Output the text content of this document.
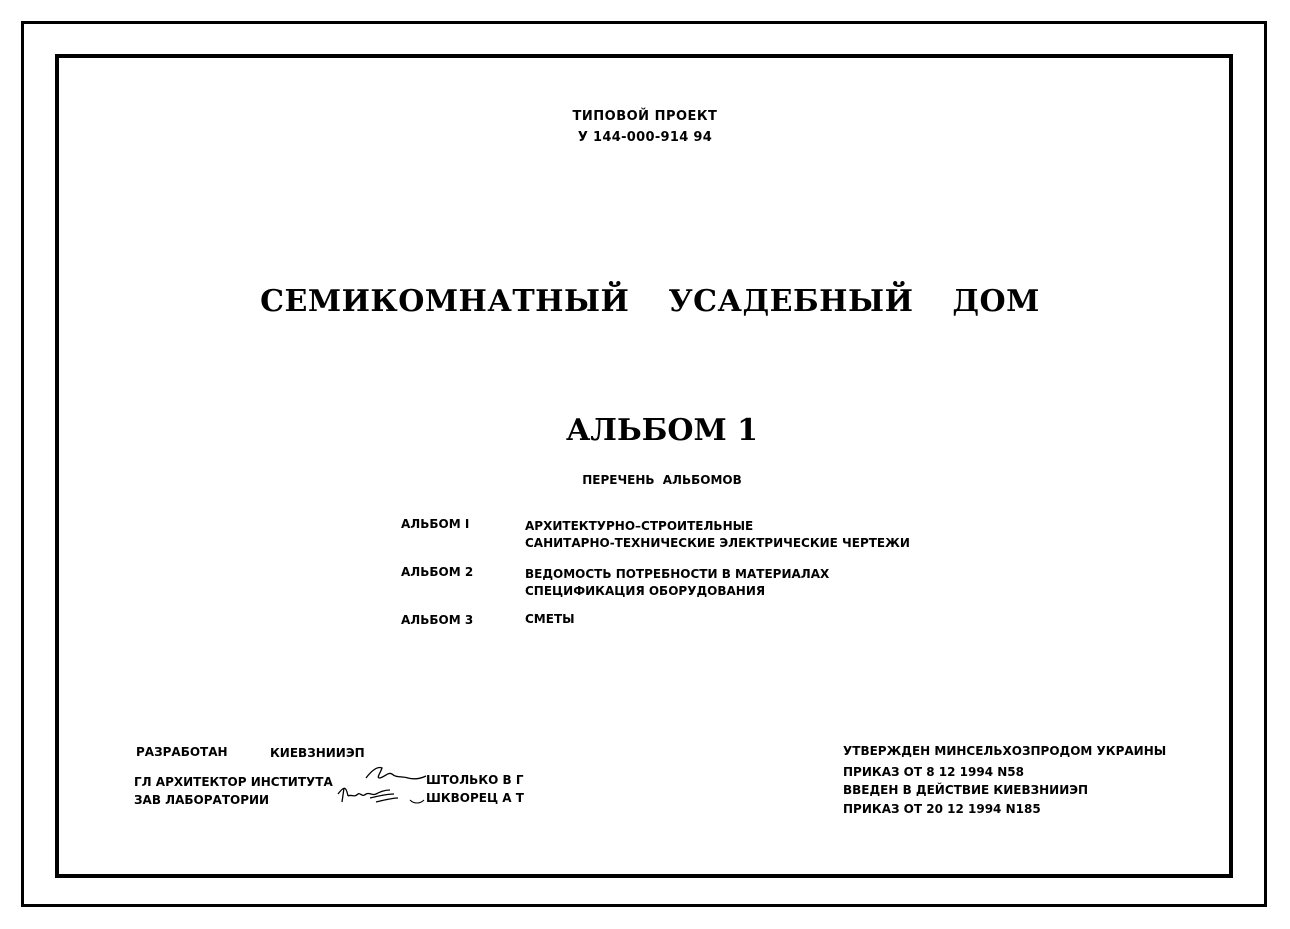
ТИПОВОЙ ПРОЕКТ
У 144-000-914 94
СЕМИКОМНАТНЫЙ УСАДЕБНЫЙ ДОМ
АЛЬБОМ 1
ПЕРЕЧЕНЬ АЛЬБОМОВ
АЛЬБОМ I	АРХИТЕКТУРНО–СТРОИТЕЛЬНЫЕ
САНИТАРНО-ТЕХНИЧЕСКИЕ ЭЛЕКТРИЧЕСКИЕ ЧЕРТЕЖИ
АЛЬБОМ 2	ВЕДОМОСТЬ ПОТРЕБНОСТИ В МАТЕРИАЛАХ
СПЕЦИФИКАЦИЯ ОБОРУДОВАНИЯ
АЛЬБОМ 3	СМЕТЫ
РАЗРАБОТАН	КИЕВЗНИИЭП
ГЛ АРХИТЕКТОР ИНСТИТУТА
ЗАВ ЛАБОРАТОРИИ
ШТОЛЬКО В Г
ШКВОРЕЦ А Т
УТВЕРЖДЕН МИНСЕЛЬХОЗПРОДОМ УКРАИНЫ
ПРИКАЗ ОТ 8 12 1994 N58
ВВЕДЕН В ДЕЙСТВИЕ КИЕВЗНИИЭП
ПРИКАЗ ОТ 20 12 1994 N185
